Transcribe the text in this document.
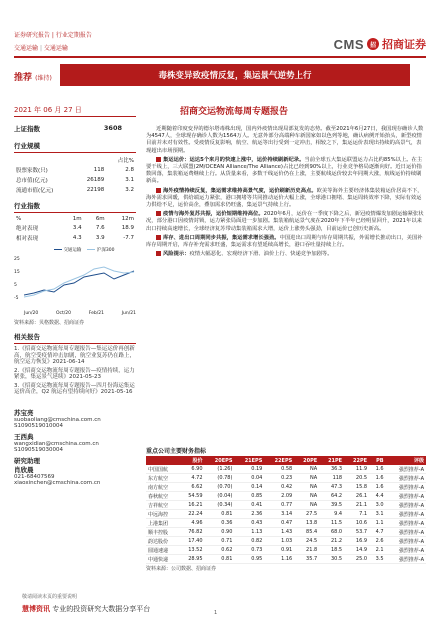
证券研究报告 | 行业定期报告
交通运输 | 交通运输	CMS 招 招商证券
推荐 (维持)	毒株变异致疫情反复，集运景气逆势上行
2021 年 06 月 27 日	招商交运物流每周专题报告
上证指数	3608
行业规模
		占比%
股票家数(只)	118	2.8
总市值(亿元)	26189	3.1
流通市值(亿元)	22198	3.2
行业指数
%	1m	6m	12m
绝对表现	3.4	7.6	18.9
相对表现	4.3	3.9	-7.7
交通运输	沪深300
25
15
5
-5
Jun/20	Oct/20	Feb/21	Jun/21
资料来源：贝格数据、招商证券
相关报告
1.《招商交运物流每周专题报告—集运运价再创新高，航空受疫情冲击加剧，航空业复苏仍在路上，航空运力恢复》2021-06-14
2.《招商交运物流每周专题报告—疫情持续，运力紧张，集运景气延续》2021-05-23
3.《招商交运物流每周专题报告—四月份海运集运运价高企，Q2 航运有望持续向好》2021-05-16
苏宝亮
suobaoliang@cmschina.com.cn
S1090519010004
王西典
wangxidian@cmschina.com.cn
S1090519030004
研究助理
肖欣晨
021-68407569
xiaoxinchen@cmschina.com.cn

近期随着印度变异的德尔塔毒株出现，国内外疫情出现局部复发的态势。截至2021年6月27日，我国现存确诊人数为4547人，全球现存确诊人数为1564万人。无意外部分高端种车新国家如以色列等地，确认病例开始抬头，新型疫情目前并未对有效性。受疫情反复影响，航空、航运等出行受到一定冲击，相较之下，集运运价表现出持续的高景气，表现超出市场预期。

集运运价：运达5个来月的快速上涨中，运价持续刷新纪录。当前全球五大集运联盟运力占比约85%以上。在主要干线上，三大联盟(2M/OCEAN Alliance/The Alliance)占比已经到90%以上，行业竞争格局逐渐向好。近日运价指数回落，集装箱运费继续上行。从货量来看，多数干线运价仍在上涨，主要航线运价较去年同期大涨，航线运价持续刷新高。

海外疫情持续反复，集运需求维持高景气度，运价刷新历史高点。欧美等海外主要经济体集装箱运价居高不下，海外需求回暖，供给端运力紧张，港口拥堵等共同推动运价大幅上涨，全球港口拥堵、集运周转效率下降，实际有效运力供给不足，运价高企，叠加需求仍旺盛，集运景气持续上行。

疫情与海外复苏共振，运价短期维持高位。2020年6月，运价在一季度下降之后，新冠疫情爆发加剧运输紧张状况，部分港口因疫情封锁，运力紧张局面进一步加剧。集装箱航运景气度在2020年下半年已经明显回升，2021年以来出口持续高速增长，全球经济复苏带动集装箱需求大增，运价上涨势头强劲，目前运价已创历史新高。

库存、进出口周期同步共振，集运需求增长强劲。中国进出口周期与库存周期共振，外需增长推动出口，美国补库存周期开启，库存补充需求旺盛，集运需求有望延续高增长，港口吞吐量持续上行。

风险提示：疫情大幅恶化、宏观经济下滑、油价上行、快递竞争加剧等。

重点公司主要财务指标
	股价	20EPS	21EPS	22EPS	20PE	21PE	22PE	PB	评级
中国国航	6.90	(1.26)	0.19	0.58	NA	36.3	11.9	1.6	强烈推荐-A
东方航空	4.72	(0.78)	0.04	0.23	NA	118	20.5	1.6	强烈推荐-A
南方航空	6.62	(0.70)	0.14	0.42	NA	47.3	15.8	1.6	强烈推荐-A
春秋航空	54.59	(0.04)	0.85	2.09	NA	64.2	26.1	4.4	强烈推荐-A
吉祥航空	16.21	(0.34)	0.41	0.77	NA	39.5	21.1	3.0	强烈推荐-A
中远海控	22.24	0.81	2.36	3.14	27.5	9.4	7.1	3.1	强烈推荐-A
上港集团	4.96	0.36	0.43	0.47	13.8	11.5	10.6	1.1	强烈推荐-A
顺丰控股	76.82	0.90	1.13	1.43	85.4	68.0	53.7	4.7	强烈推荐-A
韵达股份	17.40	0.71	0.82	1.03	24.5	21.2	16.9	2.6	强烈推荐-A
圆通速递	13.52	0.62	0.73	0.91	21.8	18.5	14.9	2.1	强烈推荐-A
中通快递	28.95	0.81	0.95	1.16	35.7	30.5	25.0	3.5	强烈推荐-A
资料来源：公司数据、招商证券
敬请阅读末页的重要说明
慧博资讯 专业的投资研究大数据分享平台	1
